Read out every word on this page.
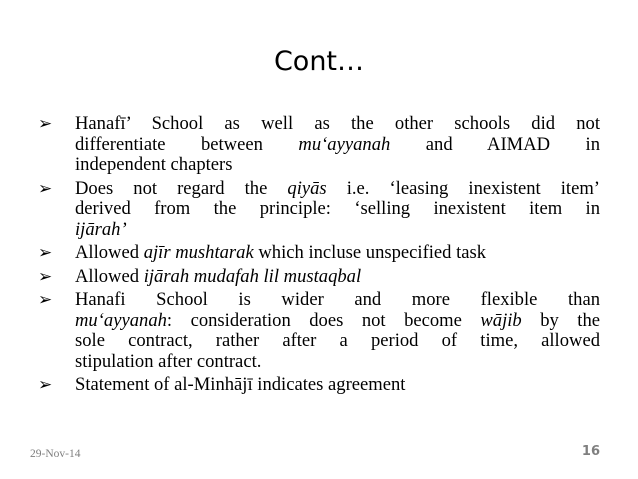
Cont…
➢ Hanafī’ School as well as the other schools did not
differentiate between mu‘ayyanah and AIMAD in
independent chapters
➢ Does not regard the qiyās i.e. ‘leasing inexistent item’
derived from the principle: ‘selling inexistent item in
ijārah’
➢ Allowed ajīr mushtarak which incluse unspecified task
➢ Allowed ijārah mudafah lil mustaqbal
➢ Hanafi School is wider and more flexible than
mu‘ayyanah: consideration does not become wājib by the
sole contract, rather after a period of time, allowed
stipulation after contract.
➢ Statement of al-Minhājī indicates agreement
29-Nov-14	16
